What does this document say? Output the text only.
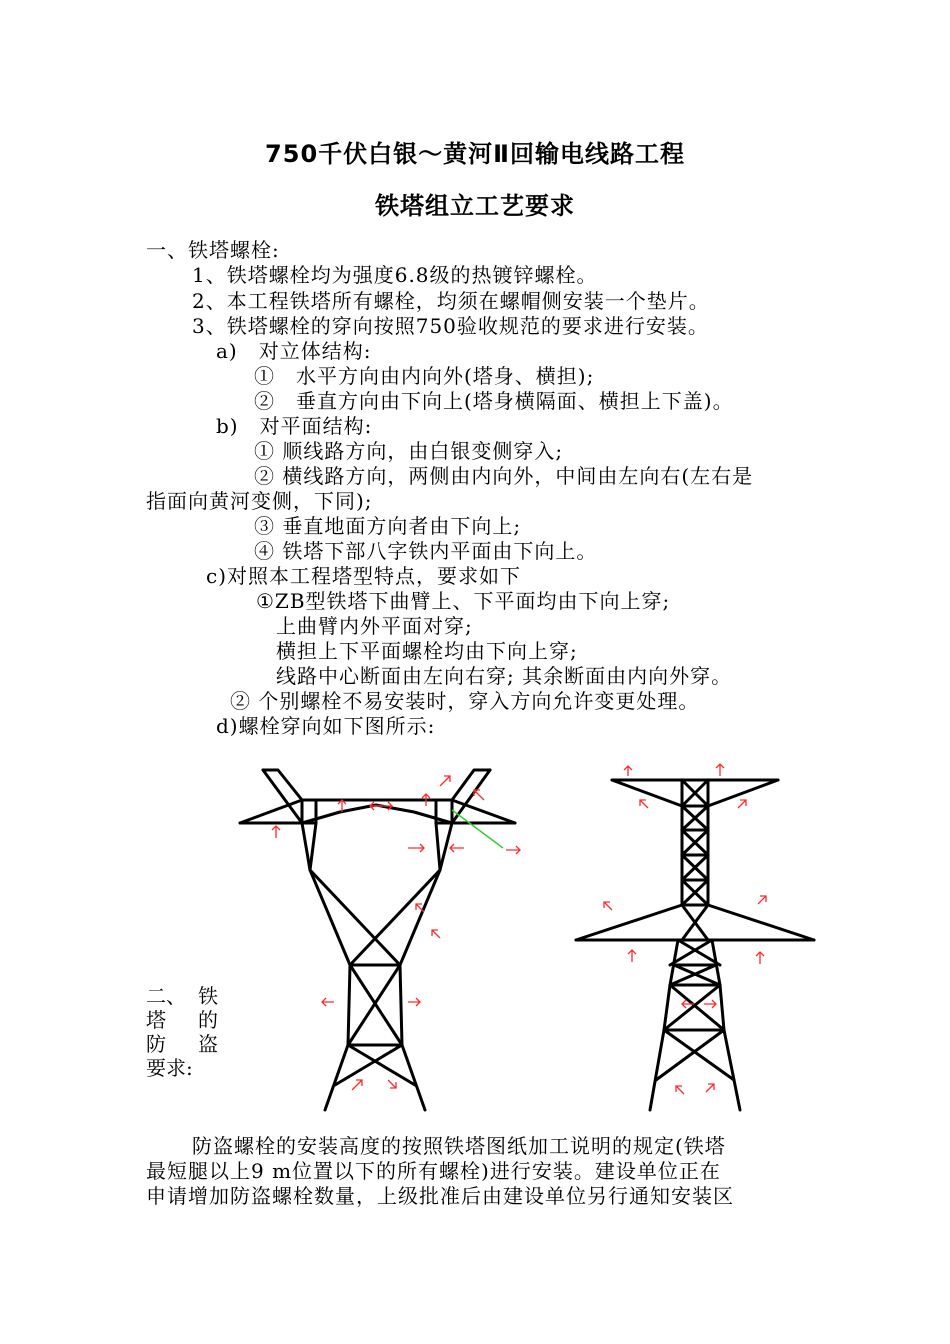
750千伏白银～黄河Ⅱ回输电线路工程
铁塔组立工艺要求
一、铁塔螺栓:
1、铁塔螺栓均为强度6.8级的热镀锌螺栓。
2、本工程铁塔所有螺栓，均须在螺帽侧安装一个垫片。
3、铁塔螺栓的穿向按照750验收规范的要求进行安装。
a)　对立体结构:
①　水平方向由内向外(塔身、横担);
②　垂直方向由下向上(塔身横隔面、横担上下盖)。
b)　对平面结构:
① 顺线路方向，由白银变侧穿入;
② 横线路方向，两侧由内向外，中间由左向右(左右是
指面向黄河变侧，下同);
③ 垂直地面方向者由下向上;
④ 铁塔下部八字铁内平面由下向上。
c)对照本工程塔型特点，要求如下
①ZB型铁塔下曲臂上、下平面均由下向上穿;
上曲臂内外平面对穿;
横担上下平面螺栓均由下向上穿;
线路中心断面由左向右穿; 其余断面由内向外穿。
② 个别螺栓不易安装时，穿入方向允许变更处理。
d)螺栓穿向如下图所示:
二、 铁
塔 的
防 盗
要求:
防盗螺栓的安装高度的按照铁塔图纸加工说明的规定(铁塔
最短腿以上9 m位置以下的所有螺栓)进行安装。建设单位正在
申请增加防盗螺栓数量，上级批准后由建设单位另行通知安装区
